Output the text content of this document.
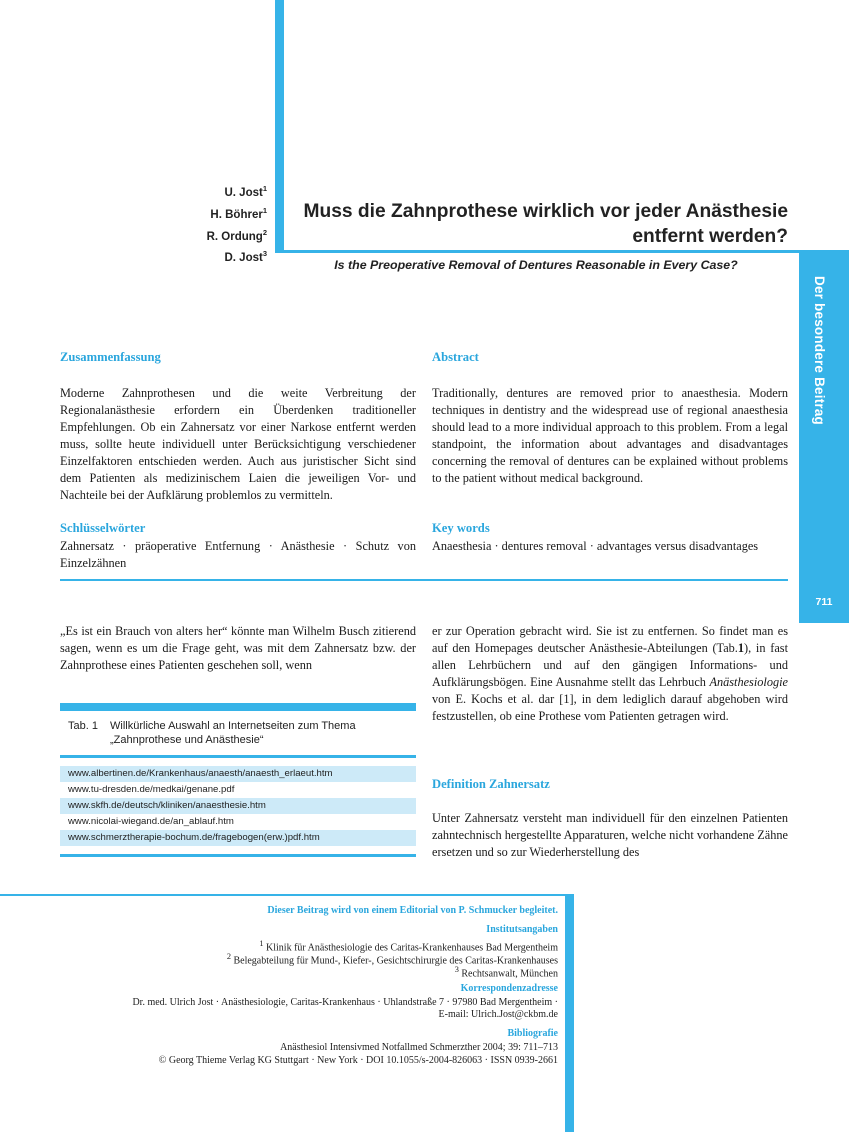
Der besondere Beitrag
711
U. Jost$^1$
H. Böhrer$^1$
R. Ordung$^2$
D. Jost$^3$
Muss die Zahnprothese wirklich vor jeder Anästhesie
entfernt werden?
Is the Preoperative Removal of Dentures Reasonable in Every Case?
Zusammenfassung

Moderne Zahnprothesen und die weite Verbreitung der Regionalanästhesie erfordern ein Überdenken traditioneller Empfehlungen. Ob ein Zahnersatz vor einer Narkose entfernt werden muss, sollte heute individuell unter Berücksichtigung verschiedener Einzelfaktoren entschieden werden. Auch aus juristischer Sicht sind dem Patienten als medizinischem Laien die jeweiligen Vor- und Nachteile bei der Aufklärung problemlos zu vermitteln.

Schlüsselwörter

Zahnersatz · präoperative Entfernung · Anästhesie · Schutz von Einzelzähnen

Abstract

Traditionally, dentures are removed prior to anaesthesia. Modern techniques in dentistry and the widespread use of regional anaesthesia should lead to a more individual approach to this problem. From a legal standpoint, the information about advantages and disadvantages concerning the removal of dentures can be explained without problems to the patient without medical background.

Key words

Anaesthesia · dentures removal · advantages versus disadvantages

„Es ist ein Brauch von alters her“ könnte man Wilhelm Busch zitierend sagen, wenn es um die Frage geht, was mit dem Zahnersatz bzw. der Zahnprothese eines Patienten geschehen soll, wenn

er zur Operation gebracht wird. Sie ist zu entfernen. So findet man es auf den Homepages deutscher Anästhesie-Abteilungen (Tab.1), in fast allen Lehrbüchern und auf den gängigen Informations- und Aufklärungsbögen. Eine Ausnahme stellt das Lehrbuch Anästhesiologie von E. Kochs et al. dar [1], in dem lediglich darauf abgehoben wird festzustellen, ob eine Prothese vom Patienten getragen wird.

Definition Zahnersatz

Unter Zahnersatz versteht man individuell für den einzelnen Patienten zahntechnisch hergestellte Apparaturen, welche nicht vorhandene Zähne ersetzen und so zur Wiederherstellung des

Tab. 1 Willkürliche Auswahl an Internetseiten zum Thema „Zahnprothese und Anästhesie“
www.albertinen.de/Krankenhaus/anaesth/anaesth_erlaeut.htm
www.tu-dresden.de/medkai/genane.pdf
www.skfh.de/deutsch/kliniken/anaesthesie.htm
www.nicolai-wiegand.de/an_ablauf.htm
www.schmerztherapie-bochum.de/fragebogen(erw.)pdf.htm
Dieser Beitrag wird von einem Editorial von P. Schmucker begleitet.
Institutsangaben
$^1$ Klinik für Anästhesiologie des Caritas-Krankenhauses Bad Mergentheim
$^2$ Belegabteilung für Mund-, Kiefer-, Gesichtschirurgie des Caritas-Krankenhauses
$^3$ Rechtsanwalt, München
Korrespondenzadresse
Dr. med. Ulrich Jost · Anästhesiologie, Caritas-Krankenhaus · Uhlandstraße 7 · 97980 Bad Mergentheim ·
E-mail: Ulrich.Jost@ckbm.de
Bibliografie
Anästhesiol Intensivmed Notfallmed Schmerzther 2004; 39: 711–713
© Georg Thieme Verlag KG Stuttgart · New York · DOI 10.1055/s-2004-826063 · ISSN 0939-2661
